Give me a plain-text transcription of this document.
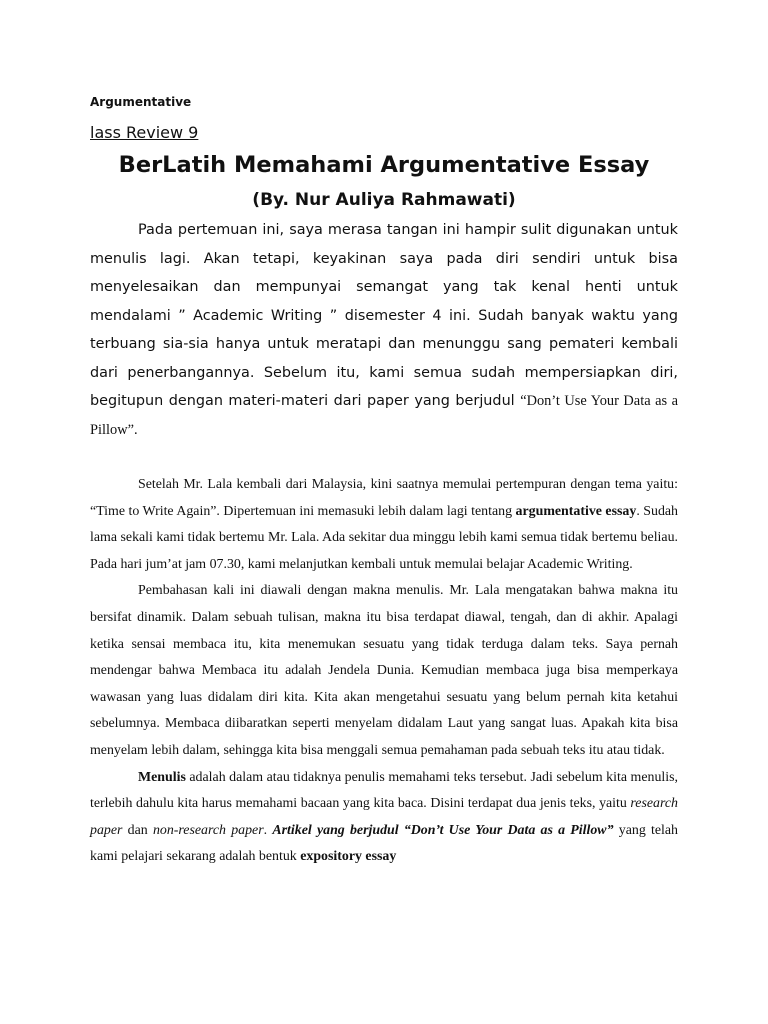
Argumentative

lass Review 9

BerLatih Memahami Argumentative Essay
(By. Nur Auliya Rahmawati)

Pada pertemuan ini, saya merasa tangan ini hampir sulit digunakan untuk menulis lagi. Akan tetapi, keyakinan saya pada diri sendiri untuk bisa menyelesaikan dan mempunyai semangat yang tak kenal henti untuk mendalami ” Academic Writing ” disemester 4 ini. Sudah banyak waktu yang terbuang sia-sia hanya untuk meratapi dan menunggu sang pemateri kembali dari penerbangannya. Sebelum itu, kami semua sudah mempersiapkan diri, begitupun dengan materi-materi dari paper yang berjudul “Don’t Use Your Data as a Pillow”.

Setelah Mr. Lala kembali dari Malaysia, kini saatnya memulai pertempuran dengan tema yaitu: “Time to Write Again”. Dipertemuan ini memasuki lebih dalam lagi tentang argumentative essay. Sudah lama sekali kami tidak bertemu Mr. Lala. Ada sekitar dua minggu lebih kami semua tidak bertemu beliau. Pada hari jum’at jam 07.30, kami melanjutkan kembali untuk memulai belajar Academic Writing.

Pembahasan kali ini diawali dengan makna menulis. Mr. Lala mengatakan bahwa makna itu bersifat dinamik. Dalam sebuah tulisan, makna itu bisa terdapat diawal, tengah, dan di akhir. Apalagi ketika sensai membaca itu, kita menemukan sesuatu yang tidak terduga dalam teks. Saya pernah mendengar bahwa Membaca itu adalah Jendela Dunia. Kemudian membaca juga bisa memperkaya wawasan yang luas didalam diri kita. Kita akan mengetahui sesuatu yang belum pernah kita ketahui sebelumnya. Membaca diibaratkan seperti menyelam didalam Laut yang sangat luas. Apakah kita bisa menyelam lebih dalam, sehingga kita bisa menggali semua pemahaman pada sebuah teks itu atau tidak.

Menulis adalah dalam atau tidaknya penulis memahami teks tersebut. Jadi sebelum kita menulis, terlebih dahulu kita harus memahami bacaan yang kita baca. Disini terdapat dua jenis teks, yaitu research paper dan non-research paper. Artikel yang berjudul “Don’t Use Your Data as a Pillow” yang telah kami pelajari sekarang adalah bentuk expository essay
